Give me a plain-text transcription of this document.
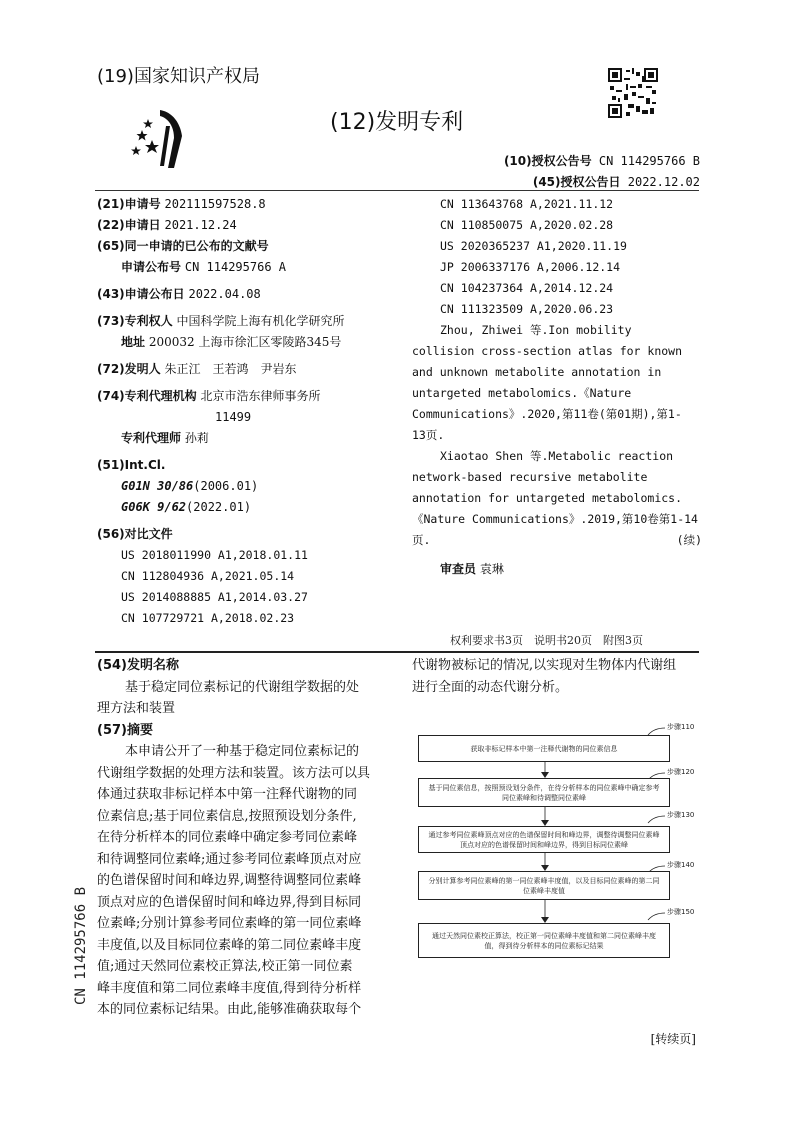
(19)国家知识产权局
(12)发明专利
(10)授权公告号 CN 114295766 B
(45)授权公告日 2022.12.02
(21)申请号 202111597528.8
(22)申请日 2021.12.24
(65)同一申请的已公布的文献号
申请公布号 CN 114295766 A
(43)申请公布日 2022.04.08
(73)专利权人 中国科学院上海有机化学研究所
地址 200032 上海市徐汇区零陵路345号
(72)发明人 朱正江　王若鸿　尹岩东
(74)专利代理机构 北京市浩东律师事务所
11499
专利代理师 孙莉
(51)Int.Cl.
G01N 30/86(2006.01)
G06K 9/62(2022.01)
(56)对比文件
US 2018011990 A1,2018.01.11
CN 112804936 A,2021.05.14
US 2014088885 A1,2014.03.27
CN 107729721 A,2018.02.23
CN 113643768 A,2021.11.12
CN 110850075 A,2020.02.28
US 2020365237 A1,2020.11.19
JP 2006337176 A,2006.12.14
CN 104237364 A,2014.12.24
CN 111323509 A,2020.06.23
Zhou, Zhiwei 等.Ion mobility
collision cross-section atlas for known
and unknown metabolite annotation in
untargeted metabolomics.《Nature
Communications》.2020,第11卷(第01期),第1-
13页.
Xiaotao Shen 等.Metabolic reaction
network-based recursive metabolite
annotation for untargeted metabolomics.
《Nature Communications》.2019,第10卷第1-14
页.	(续)
审查员 袁琳
权利要求书3页　说明书20页　附图3页
(54)发明名称
基于稳定同位素标记的代谢组学数据的处
理方法和装置
(57)摘要
本申请公开了一种基于稳定同位素标记的
代谢组学数据的处理方法和装置。该方法可以具
体通过获取非标记样本中第一注释代谢物的同
位素信息;基于同位素信息,按照预设划分条件,
在待分析样本的同位素峰中确定参考同位素峰
和待调整同位素峰;通过参考同位素峰顶点对应
的色谱保留时间和峰边界,调整待调整同位素峰
顶点对应的色谱保留时间和峰边界,得到目标同
位素峰;分别计算参考同位素峰的第一同位素峰
丰度值,以及目标同位素峰的第二同位素峰丰度
值;通过天然同位素校正算法,校正第一同位素
峰丰度值和第二同位素峰丰度值,得到待分析样
本的同位素标记结果。由此,能够准确获取每个
代谢物被标记的情况,以实现对生物体内代谢组
进行全面的动态代谢分析。
步骤110
步骤120
步骤130
步骤140
步骤150
获取非标记样本中第一注释代谢物的同位素信息
基于同位素信息，按照预设划分条件，在待分析样本的同位素峰中确定参考同位素峰和待调整同位素峰
通过参考同位素峰顶点对应的色谱保留时间和峰边界，调整待调整同位素峰顶点对应的色谱保留时间和峰边界，得到目标同位素峰
分别计算参考同位素峰的第一同位素峰丰度值，以及目标同位素峰的第二同位素峰丰度值
通过天然同位素校正算法，校正第一同位素峰丰度值和第二同位素峰丰度值，得到待分析样本的同位素标记结果
CN 114295766 B
[转续页]
